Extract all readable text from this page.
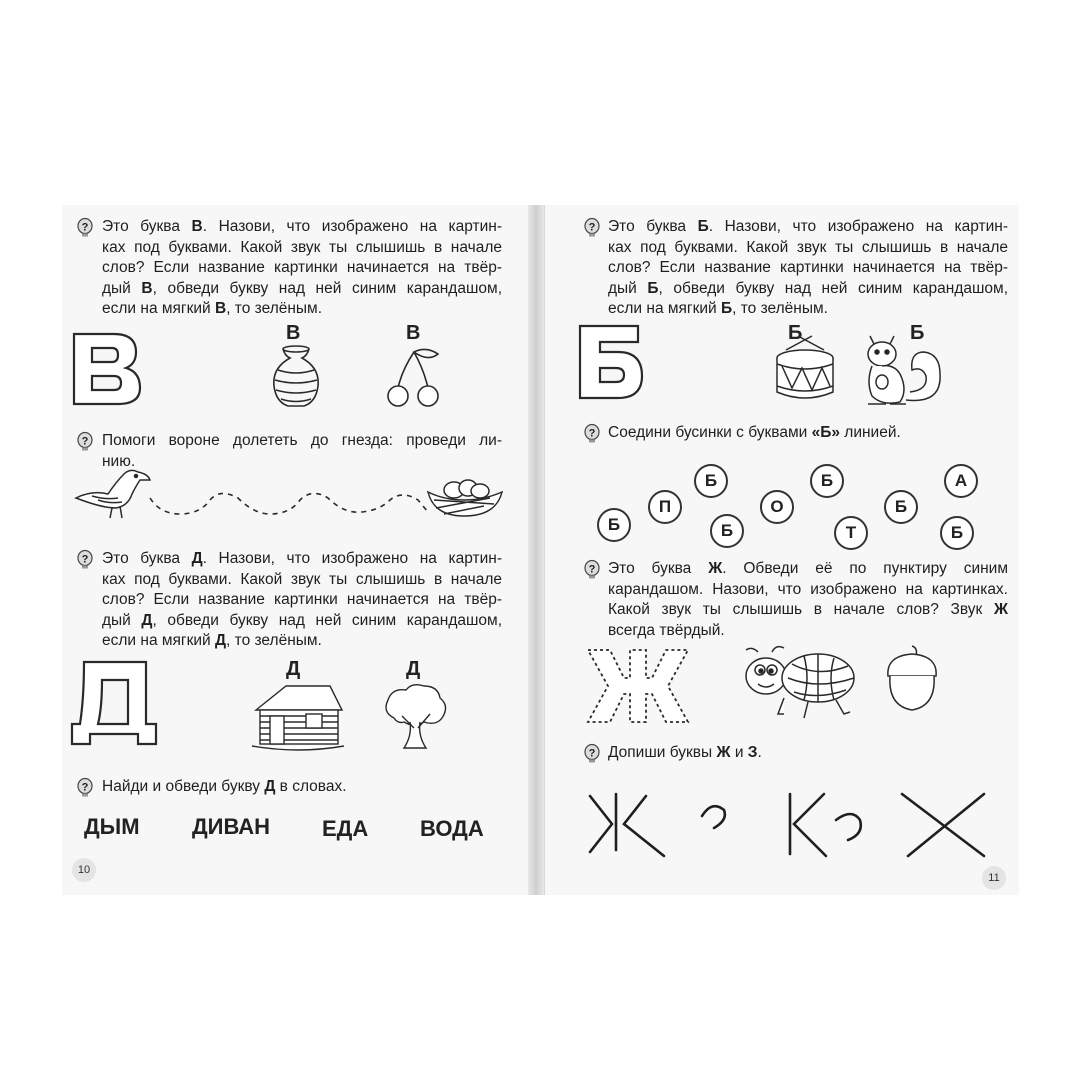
? Это буква В. Назови, что изображено на картин-
ках под буквами. Какой звук ты слышишь в начале
слов? Если название картинки начинается на твёр-
дый В, обведи букву над ней синим карандашом,
если на мягкий В, то зелёным.
В	В
? Помоги вороне долететь до гнезда: проведи ли-
нию.
? Это буква Д. Назови, что изображено на картин-
ках под буквами. Какой звук ты слышишь в начале
слов? Если название картинки начинается на твёр-
дый Д, обведи букву над ней синим карандашом,
если на мягкий Д, то зелёным.
Д	Д
? Найди и обведи букву Д в словах.
ДЫМ ДИВАН ЕДА ВОДА
10
? Это буква Б. Назови, что изображено на картин-
ках под буквами. Какой звук ты слышишь в начале
слов? Если название картинки начинается на твёр-
дый Б, обведи букву над ней синим карандашом,
если на мягкий Б, то зелёным.
Б	Б
? Соедини бусинки с буквами «Б» линией.
Б
П
Б
Б
О
Б
Т
Б
А
Б
? Это буква Ж. Обведи её по пунктиру синим
карандашом. Назови, что изображено на картинках.
Какой звук ты слышишь в начале слов? Звук Ж
всегда твёрдый.
? Допиши буквы Ж и З.
11
